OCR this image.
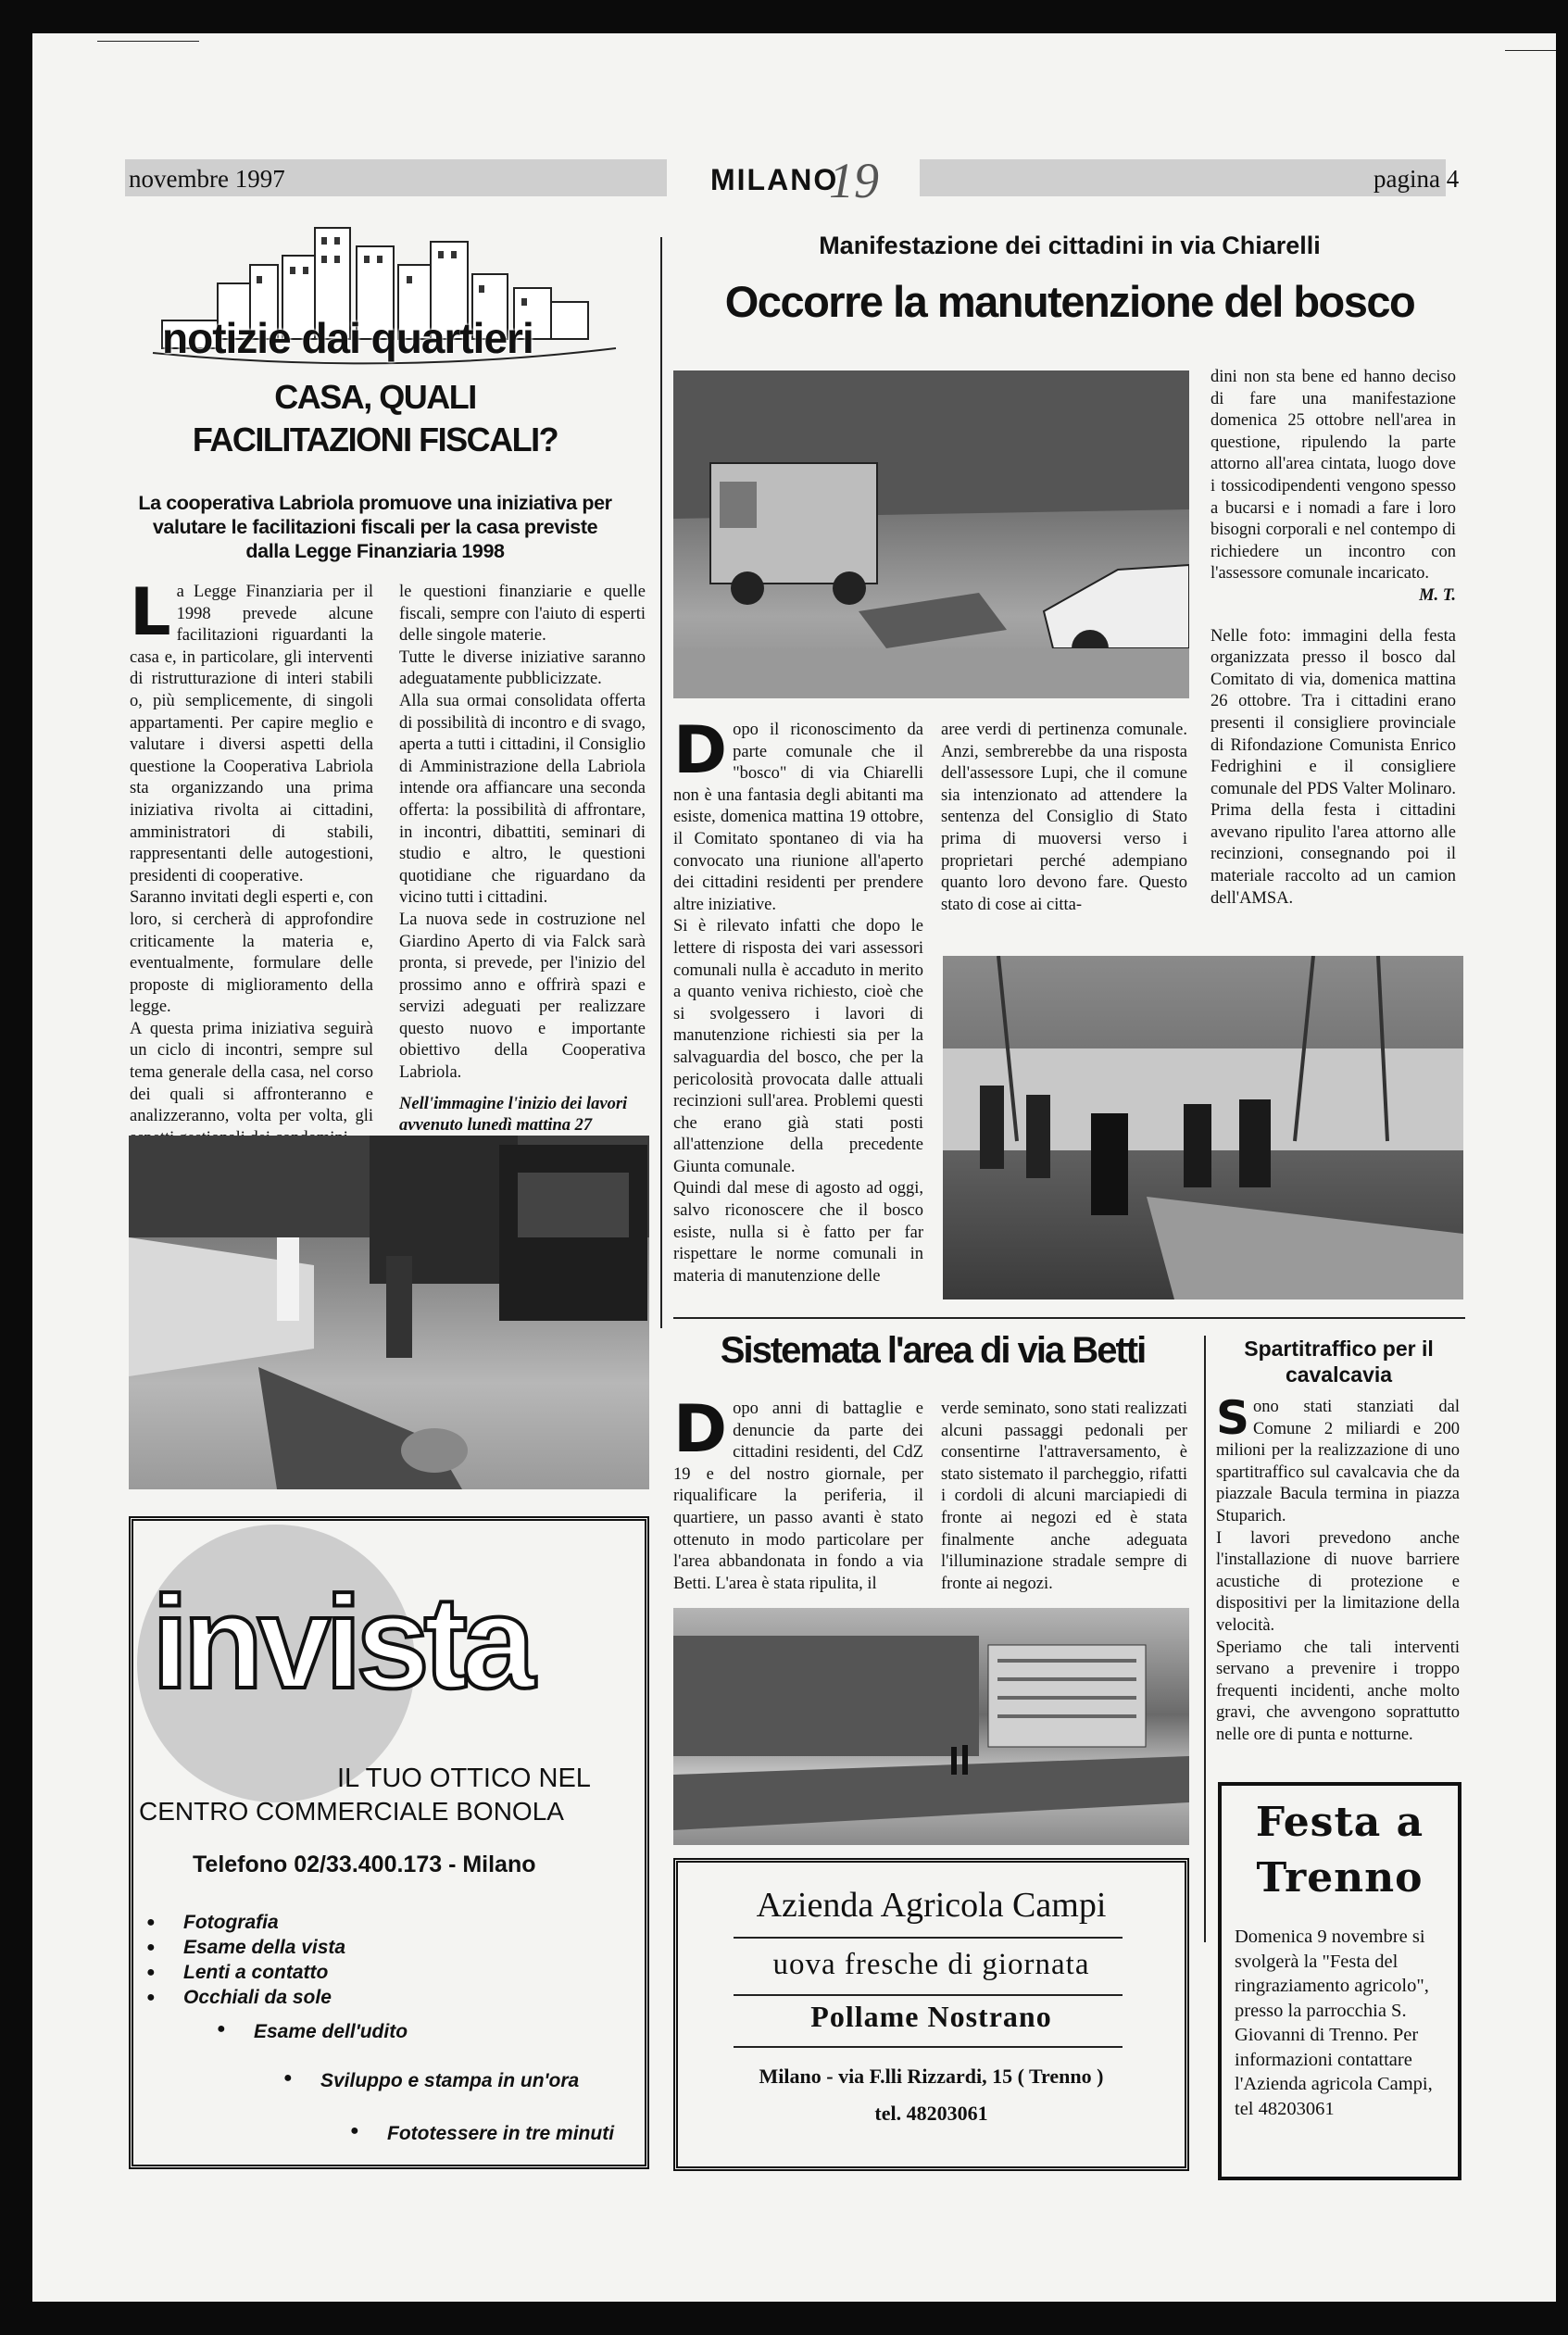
novembre 1997	MILANO
19	pagina 4
notizie dai quartieri
CASA, QUALI
FACILITAZIONI FISCALI?
La cooperativa Labriola promuove una iniziativa per valutare le facilitazioni fiscali per la casa previste dalla Legge Finanziaria 1998

La Legge Finanziaria per il 1998 prevede alcune facilitazioni riguardanti la casa e, in particolare, gli interventi di ristrutturazione di interi stabili o, più semplicemente, di singoli appartamenti. Per capire meglio e valutare i diversi aspetti della questione la Cooperativa Labriola sta organizzando una prima iniziativa rivolta ai cittadini, amministratori di stabili, rappresentanti delle autogestioni, presidenti di cooperative.

Saranno invitati degli esperti e, con loro, si cercherà di approfondire criticamente la materia e, eventualmente, formulare delle proposte di miglioramento della legge.

A questa prima iniziativa seguirà un ciclo di incontri, sempre sul tema generale della casa, nel corso dei quali si affronteranno e analizzeranno, volta per volta, gli

le questioni finanziarie e quelle fiscali, sempre con l'aiuto di esperti delle singole materie.

Tutte le diverse iniziative saranno adeguatamente pubblicizzate.

Alla sua ormai consolidata offerta di possibilità di incontro e di svago, aperta a tutti i cittadini, il Consiglio di Amministrazione della Labriola intende ora affiancare una seconda offerta: la possibilità di affrontare, in incontri, dibattiti, seminari di studio e altro, le questioni quotidiane che riguardano da vicino tutti i cittadini.

La nuova sede in costruzione nel Giardino Aperto di via Falck sarà pronta, si prevede, per l'inizio del prossimo anno e offrirà spazi e servizi adeguati per realizzare questo nuovo e importante obiettivo della Cooperativa Labriola.

Nell'immagine l'inizio dei lavori avvenuto lunedì mattina 27

invista
IL TUO OTTICO NEL
CENTRO COMMERCIALE BONOLA
Telefono 02/33.400.173 - Milano
● Fotografia
● Esame della vista
● Lenti a contatto
● Occhiali da sole
● Esame dell'udito
● Sviluppo e stampa in un'ora
● Fototessere in tre minuti
Manifestazione dei cittadini in via Chiarelli
Occorre la manutenzione del bosco

Dopo il riconoscimento da parte comunale che il "bosco" di via Chiarelli non è una fantasia degli abitanti ma esiste, domenica mattina 19 ottobre, il Comitato spontaneo di via ha convocato una riunione all'aperto dei cittadini residenti per prendere altre iniziative.

Si è rilevato infatti che dopo le lettere di risposta dei vari assessori comunali nulla è accaduto in merito a quanto veniva richiesto, cioè che si svolgessero i lavori di manutenzione richiesti sia per la salvaguardia del bosco, che per la pericolosità provocata dalle attuali recinzioni sull'area. Problemi questi che erano già stati posti all'attenzione della precedente Giunta comunale.

Quindi dal mese di agosto ad oggi, salvo riconoscere che il bosco esiste, nulla si è fatto per far rispettare le norme comunali in materia di manutenzione delle

aree verdi di pertinenza comunale. Anzi, sembrerebbe da una risposta dell'assessore Lupi, che il comune sia intenzionato ad attendere la sentenza del Consiglio di Stato prima di muoversi verso i proprietari perché adempiano quanto loro devono fare. Questo stato di cose ai citta-

dini non sta bene ed hanno deciso di fare una manifestazione domenica 25 ottobre nell'area in questione, ripulendo la parte attorno all'area cintata, luogo dove i tossicodipendenti vengono spesso a bucarsi e i nomadi a fare i loro bisogni corporali e nel contempo di richiedere un incontro con l'assessore comunale incaricato.

M. T.

Nelle foto: immagini della festa organizzata presso il bosco dal Comitato di via, domenica mattina 26 ottobre. Tra i cittadini erano presenti il consigliere provinciale di Rifondazione Comunista Enrico Fedrighini e il consigliere comunale del PDS Valter Molinaro. Prima della festa i cittadini avevano ripulito l'area attorno alle recinzioni, consegnando poi il materiale raccolto ad un camion dell'AMSA.

Sistemata l'area di via Betti

Dopo anni di battaglie e denuncie da parte dei cittadini residenti, del CdZ 19 e del nostro giornale, per riqualificare la periferia, il quartiere, un passo avanti è stato ottenuto in modo particolare per l'area abbandonata in fondo a via Betti. L'area è stata ripulita, il

verde seminato, sono stati realizzati alcuni passaggi pedonali per consentirne l'attraversamento, è stato sistemato il parcheggio, rifatti i cordoli di alcuni marciapiedi di fronte ai negozi ed è stata finalmente anche adeguata l'illuminazione stradale sempre di fronte ai negozi.

Azienda Agricola Campi
uova fresche di giornata
Pollame Nostrano
Milano - via F.lli Rizzardi, 15 ( Trenno )
tel. 48203061
Spartitraffico per il cavalcavia

Sono stati stanziati dal Comune 2 miliardi e 200 milioni per la realizzazione di uno spartitraffico sul cavalcavia che da piazzale Bacula termina in piazza Stuparich.

I lavori prevedono anche l'installazione di nuove barriere acustiche di protezione e dispositivi per la limitazione della velocità.

Speriamo che tali interventi servano a prevenire i troppo frequenti incidenti, anche molto gravi, che avvengono soprattutto nelle ore di punta e notturne.

Festa a
Trenno
Domenica 9 novembre si svolgerà la "Festa del ringraziamento agricolo", presso la parrocchia S. Giovanni di Trenno. Per informazioni contattare l'Azienda agricola Campi, tel 48203061
